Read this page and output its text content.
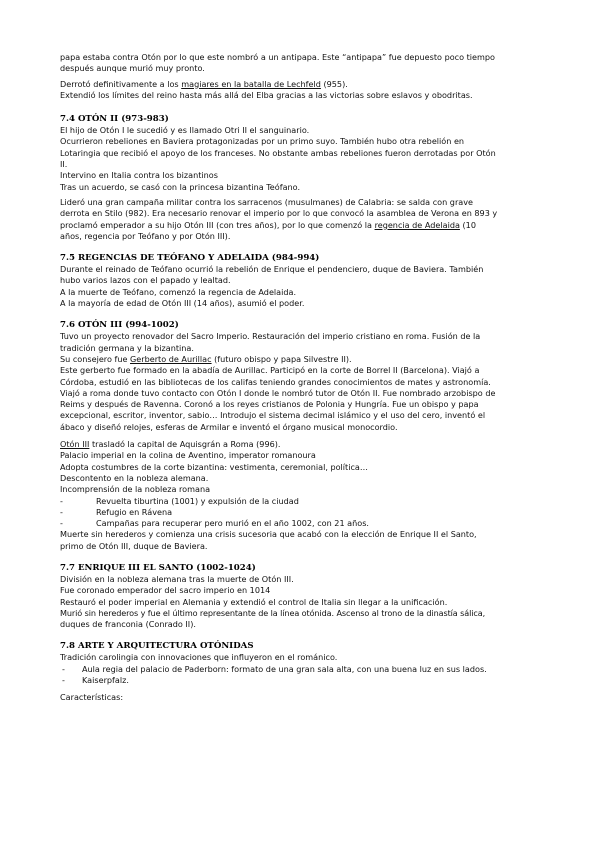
papa estaba contra Otón por lo que este nombró a un antipapa. Este “antipapa” fue depuesto poco tiempo

después aunque murió muy pronto.

Derrotó definitivamente a los magiares en la batalla de Lechfeld (955).

Extendió los límites del reino hasta más allá del Elba gracias a las victorias sobre eslavos y obodritas.

7.4 OTÓN II (973-983)

El hijo de Otón I le sucedió y es llamado Otri II el sanguinario.

Ocurrieron rebeliones en Baviera protagonizadas por un primo suyo. También hubo otra rebelión en

Lotaringia que recibió el apoyo de los franceses. No obstante ambas rebeliones fueron derrotadas por Otón

II.

Intervino en Italia contra los bizantinos

Tras un acuerdo, se casó con la princesa bizantina Teófano.

Lideró una gran campaña militar contra los sarracenos (musulmanes) de Calabria: se salda con grave

derrota en Stilo (982). Era necesario renovar el imperio por lo que convocó la asamblea de Verona en 893 y

proclamó emperador a su hijo Otón III (con tres años), por lo que comenzó la regencia de Adelaida (10

años, regencia por Teófano y por Otón III).

7.5 REGENCIAS DE TEÓFANO Y ADELAIDA (984-994)

Durante el reinado de Teófano ocurrió la rebelión de Enrique el pendenciero, duque de Baviera. También

hubo varios lazos con el papado y lealtad.

A la muerte de Teófano, comenzó la regencia de Adelaida.

A la mayoría de edad de Otón III (14 años), asumió el poder.

7.6 OTÓN III (994-1002)

Tuvo un proyecto renovador del Sacro Imperio. Restauración del imperio cristiano en roma. Fusión de la

tradición germana y la bizantina.

Su consejero fue Gerberto de Aurillac (futuro obispo y papa Silvestre II).

Este gerberto fue formado en la abadía de Aurillac. Participó en la corte de Borrel II (Barcelona). Viajó a

Córdoba, estudió en las bibliotecas de los califas teniendo grandes conocimientos de mates y astronomía.

Viajó a roma donde tuvo contacto con Otón I donde le nombró tutor de Otón II. Fue nombrado arzobispo de

Reims y después de Ravenna. Coronó a los reyes cristianos de Polonia y Hungría. Fue un obispo y papa

excepcional, escritor, inventor, sabio… Introdujo el sistema decimal islámico y el uso del cero, inventó el

ábaco y diseñó relojes, esferas de Armilar e inventó el órgano musical monocordio.

Otón III trasladó la capital de Aquisgrán a Roma (996).

Palacio imperial en la colina de Aventino, imperator romanoura

Adopta costumbres de la corte bizantina: vestimenta, ceremonial, política…

Descontento en la nobleza alemana.

Incomprensión de la nobleza romana

-	Revuelta tiburtina (1001) y expulsión de la ciudad
-	Refugio en Rávena
-	Campañas para recuperar pero murió en el año 1002, con 21 años.

Muerte sin herederos y comienza una crisis sucesoria que acabó con la elección de Enrique II el Santo,

primo de Otón III, duque de Baviera.

7.7 ENRIQUE III EL SANTO (1002-1024)

División en la nobleza alemana tras la muerte de Otón III.

Fue coronado emperador del sacro imperio en 1014

Restauró el poder imperial en Alemania y extendió el control de Italia sin llegar a la unificación.

Murió sin herederos y fue el último representante de la línea otónida. Ascenso al trono de la dinastía sálica,

duques de franconia (Conrado II).

7.8 ARTE Y ARQUITECTURA OTÓNIDAS

Tradición carolingia con innovaciones que influyeron en el románico.

-	Aula regia del palacio de Paderborn: formato de una gran sala alta, con una buena luz en sus lados.
-	Kaiserpfalz.

Características:
